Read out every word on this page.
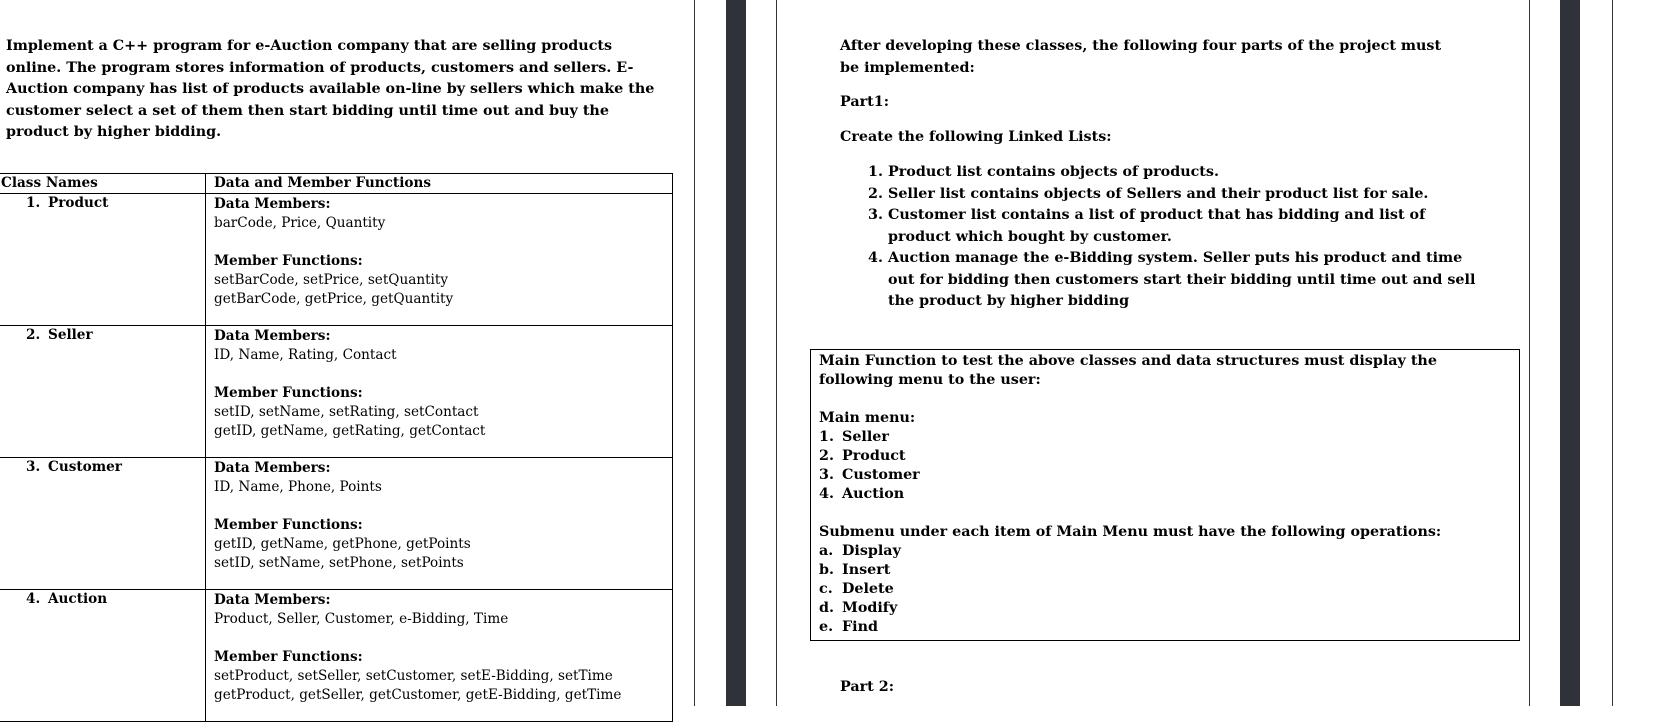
Implement a C++ program for e-Auction company that are selling products online. The program stores information of products, customers and sellers. E-Auction company has list of products available on-line by sellers which make the customer select a set of them then start bidding until time out and buy the product by higher bidding.

Class Names	Data and Member Functions
1. Product	Data Members:
barCode, Price, Quantity
Member Functions:
setBarCode, setPrice, setQuantity
getBarCode, getPrice, getQuantity

2. Seller	Data Members:
ID, Name, Rating, Contact
Member Functions:
setID, setName, setRating, setContact
getID, getName, getRating, getContact

3. Customer	Data Members:
ID, Name, Phone, Points
Member Functions:
getID, getName, getPhone, getPoints
setID, setName, setPhone, setPoints

4. Auction	Data Members:
Product, Seller, Customer, e-Bidding, Time
Member Functions:
setProduct, setSeller, setCustomer, setE-Bidding, setTime
getProduct, getSeller, getCustomer, getE-Bidding, getTime

After developing these classes, the following four parts of the project must be implemented:

Part1:

Create the following Linked Lists:

1. Product list contains objects of products.
2. Seller list contains objects of Sellers and their product list for sale.
3. Customer list contains a list of product that has bidding and list of product which bought by customer.
4. Auction manage the e-Bidding system. Seller puts his product and time out for bidding then customers start their bidding until time out and sell the product by higher bidding

Main Function to test the above classes and data structures must display the following menu to the user:

Main menu:

1. Seller

2. Product

3. Customer

4. Auction

Submenu under each item of Main Menu must have the following operations:

a. Display

b. Insert

c. Delete

d. Modify

e. Find

Part 2:
